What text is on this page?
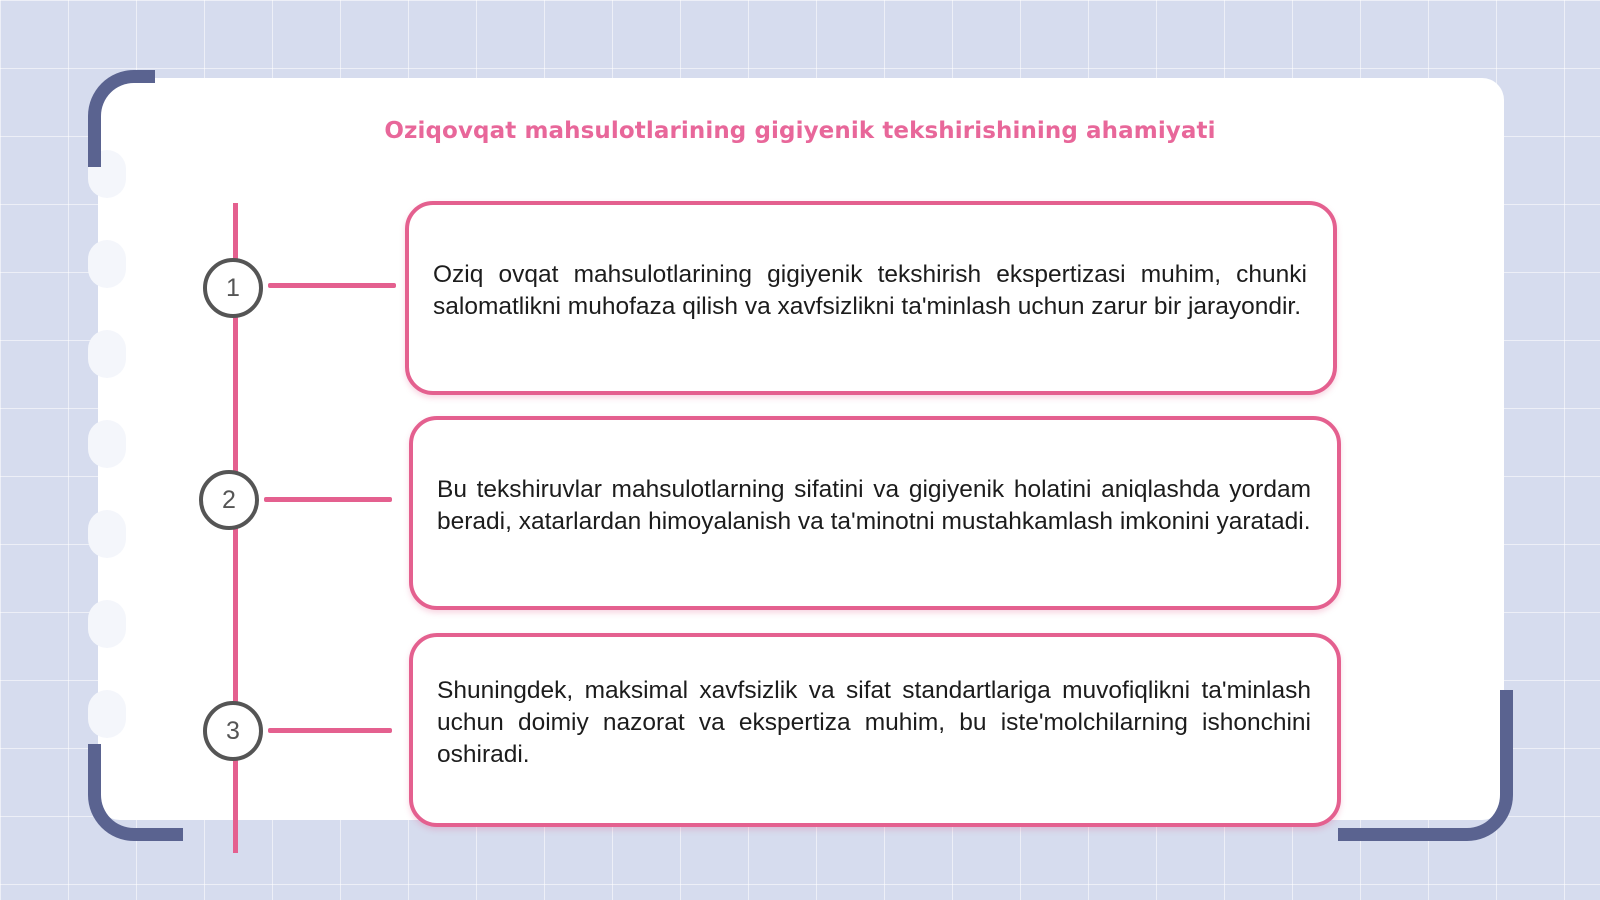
Oziqovqat mahsulotlarining gigiyenik tekshirishining ahamiyati
1
2
3

Oziq ovqat mahsulotlarining gigiyenik tekshirish ekspertizasi muhim, chunki salomatlikni muhofaza qilish va xavfsizlikni ta'minlash uchun zarur bir jarayondir.

Bu tekshiruvlar mahsulotlarning sifatini va gigiyenik holatini aniqlashda yordam beradi, xatarlardan himoyalanish va ta'minotni mustahkamlash imkonini yaratadi.

Shuningdek, maksimal xavfsizlik va sifat standartlariga muvofiqlikni ta'minlash uchun doimiy nazorat va ekspertiza muhim, bu iste'molchilarning ishonchini oshiradi.
